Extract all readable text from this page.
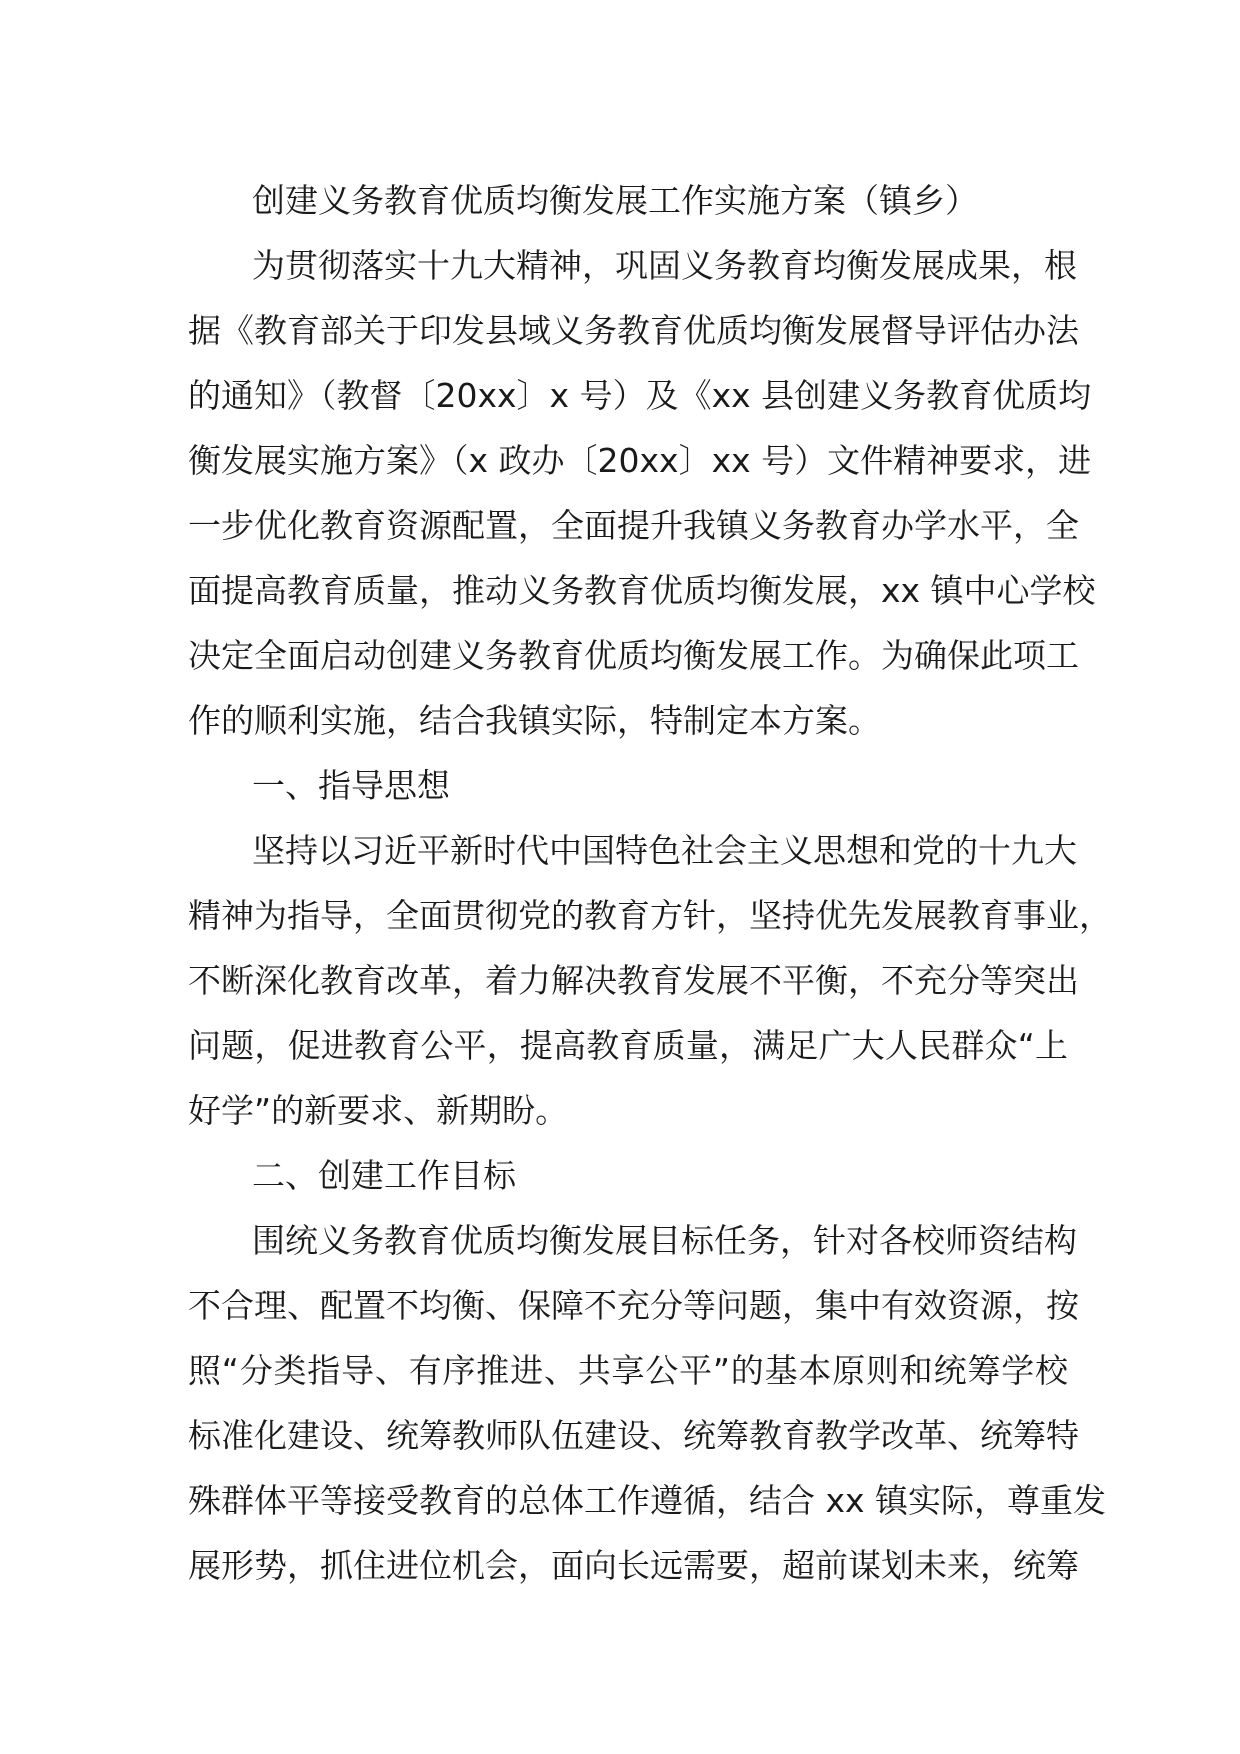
创建义务教育优质均衡发展工作实施方案（镇乡）
为贯彻落实十九大精神，巩固义务教育均衡发展成果，根
据《教育部关于印发县域义务教育优质均衡发展督导评估办法
的通知》（教督〔20xx〕x 号）及《xx 县创建义务教育优质均
衡发展实施方案》（x 政办〔20xx〕xx 号）文件精神要求，进
一步优化教育资源配置，全面提升我镇义务教育办学水平，全
面提高教育质量，推动义务教育优质均衡发展，xx 镇中心学校
决定全面启动创建义务教育优质均衡发展工作。为确保此项工
作的顺利实施，结合我镇实际，特制定本方案。
一、指导思想
坚持以习近平新时代中国特色社会主义思想和党的十九大
精神为指导，全面贯彻党的教育方针，坚持优先发展教育事业，
不断深化教育改革，着力解决教育发展不平衡，不充分等突出
问题，促进教育公平，提高教育质量，满足广大人民群众“上
好学”的新要求、新期盼。
二、创建工作目标
围统义务教育优质均衡发展目标任务，针对各校师资结构
不合理、配置不均衡、保障不充分等问题，集中有效资源，按
照“分类指导、有序推进、共享公平”的基本原则和统筹学校
标准化建设、统筹教师队伍建设、统筹教育教学改革、统筹特
殊群体平等接受教育的总体工作遵循，结合 xx 镇实际，尊重发
展形势，抓住进位机会，面向长远需要，超前谋划未来，统筹
